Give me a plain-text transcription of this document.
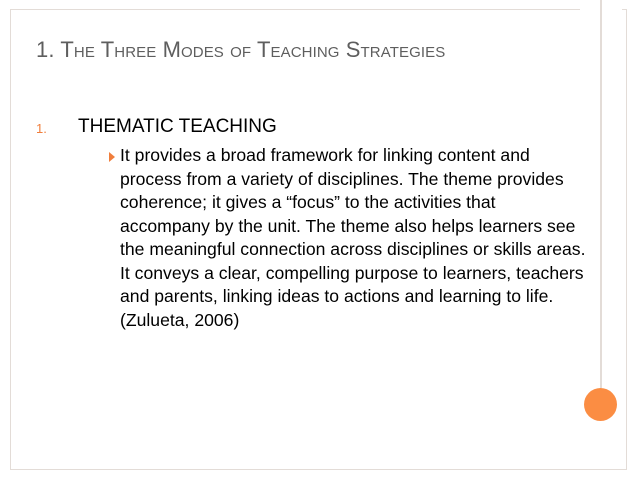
1. The Three Modes of Teaching Strategies
1. THEMATIC TEACHING

It provides a broad framework for linking content and process from a variety of disciplines. The theme provides coherence; it gives a “focus” to the activities that accompany by the unit. The theme also helps learners see the meaningful connection across disciplines or skills areas. It conveys a clear, compelling purpose to learners, teachers and parents, linking ideas to actions and learning to life. (Zulueta, 2006)
